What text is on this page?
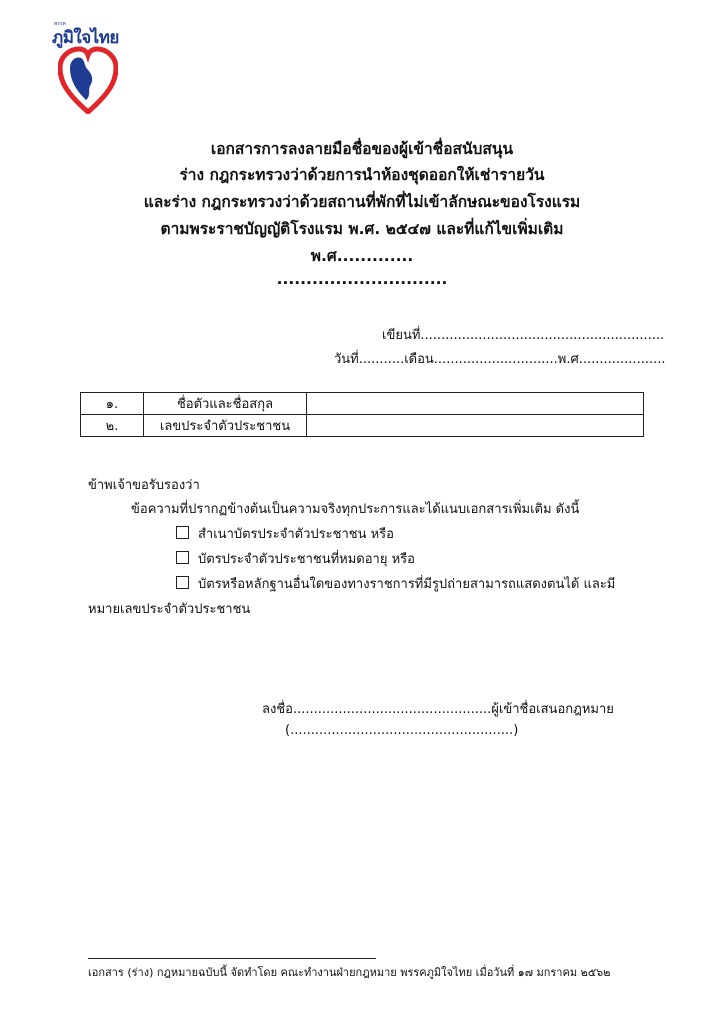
พรรค
ภูมิใจไทย
เอกสารการลงลายมือชื่อของผู้เข้าชื่อสนับสนุน
ร่าง กฎกระทรวงว่าด้วยการนำห้องชุดออกให้เช่ารายวัน
และร่าง กฎกระทรวงว่าด้วยสถานที่พักที่ไม่เข้าลักษณะของโรงแรม
ตามพระราชบัญญัติโรงแรม พ.ศ. ๒๕๔๗ และที่แก้ไขเพิ่มเติม
พ.ศ.............
.............................
เขียนที่...........................................................
วันที่...........เดือน..............................พ.ศ.....................
๑.	ชื่อตัวและชื่อสกุล	
๒.	เลขประจำตัวประชาชน	
ข้าพเจ้าขอรับรองว่า
ข้อความที่ปรากฏข้างต้นเป็นความจริงทุกประการและได้แนบเอกสารเพิ่มเติม ดังนี้
สำเนาบัตรประจำตัวประชาชน หรือ
บัตรประจำตัวประชาชนที่หมดอายุ หรือ
บัตรหรือหลักฐานอื่นใดของทางราชการที่มีรูปถ่ายสามารถแสดงตนได้ และมี
หมายเลขประจำตัวประชาชน
ลงชื่อ................................................ผู้เข้าชื่อเสนอกฎหมาย
(......................................................)
เอกสาร (ร่าง) กฎหมายฉบับนี้ จัดทำโดย คณะทำงานฝ่ายกฎหมาย พรรคภูมิใจไทย เมื่อวันที่ ๑๗ มกราคม ๒๕๖๒
